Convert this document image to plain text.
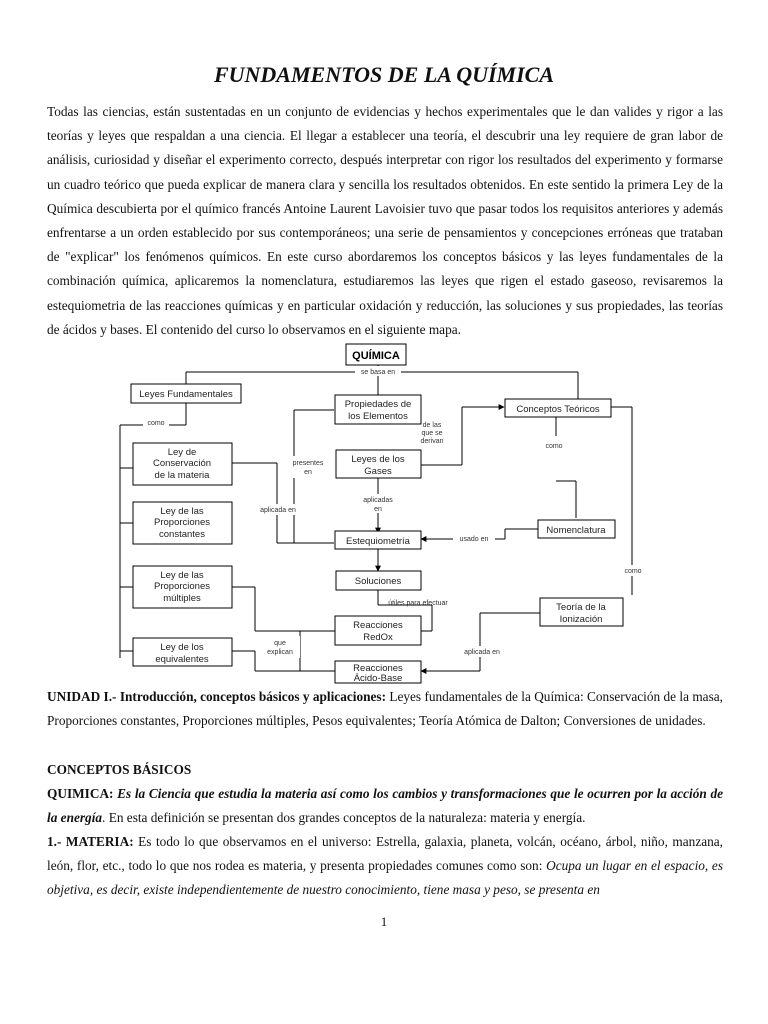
FUNDAMENTOS DE LA QUÍMICA

Todas las ciencias, están sustentadas en un conjunto de evidencias y hechos experimentales que le dan valides y rigor a las teorías y leyes que respaldan a una ciencia. El llegar a establecer una teoría, el descubrir una ley requiere de gran labor de análisis, curiosidad y diseñar el experimento correcto, después interpretar con rigor los resultados del experimento y formarse un cuadro teórico que pueda explicar de manera clara y sencilla los resultados obtenidos. En este sentido la primera Ley de la Química descubierta por el químico francés Antoine Laurent Lavoisier tuvo que pasar todos los requisitos anteriores y además enfrentarse a un orden establecido por sus contemporáneos; una serie de pensamientos y concepciones erróneas que trataban de "explicar" los fenómenos químicos. En este curso abordaremos los conceptos básicos y las leyes fundamentales de la combinación química, aplicaremos la nomenclatura, estudiaremos las leyes que rigen el estado gaseoso, revisaremos la estequiometria de las reacciones químicas y en particular oxidación y reducción, las soluciones y sus propiedades, las teorías de ácidos y bases. El contenido del curso lo observamos en el siguiente mapa.

QUÍMICA
Leyes Fundamentales
Propiedades de
los Elementos
Conceptos Teóricos
Ley de
Conservación
de la materia
Leyes de los
Gases
Ley de las
Proporciones
constantes	Nomenclatura
Estequiometría
Ley de las
Proporciones
múltiples
Soluciones
Teoría de la
Ionización
Reacciones
RedOx
Ley de los
equivalentes
Reacciones
Ácido-Base
se basa en
como	de las
que se
derivan
como
presentes
en
aplicadas
en
aplicada en
usado en
como
útiles para efectuar
que
explican	aplicada en

UNIDAD I.- Introducción, conceptos básicos y aplicaciones: Leyes fundamentales de la Química: Conservación de la masa, Proporciones constantes, Proporciones múltiples, Pesos equivalentes; Teoría Atómica de Dalton; Conversiones de unidades.

CONCEPTOS BÁSICOS

QUIMICA: Es la Ciencia que estudia la materia así como los cambios y transformaciones que le ocurren por la acción de la energía. En esta definición se presentan dos grandes conceptos de la naturaleza: materia y energía.

1.- MATERIA: Es todo lo que observamos en el universo: Estrella, galaxia, planeta, volcán, océano, árbol, niño, manzana, león, flor, etc., todo lo que nos rodea es materia, y presenta propiedades comunes como son: Ocupa un lugar en el espacio, es objetiva, es decir, existe independientemente de nuestro conocimiento, tiene masa y peso, se presenta en

1
